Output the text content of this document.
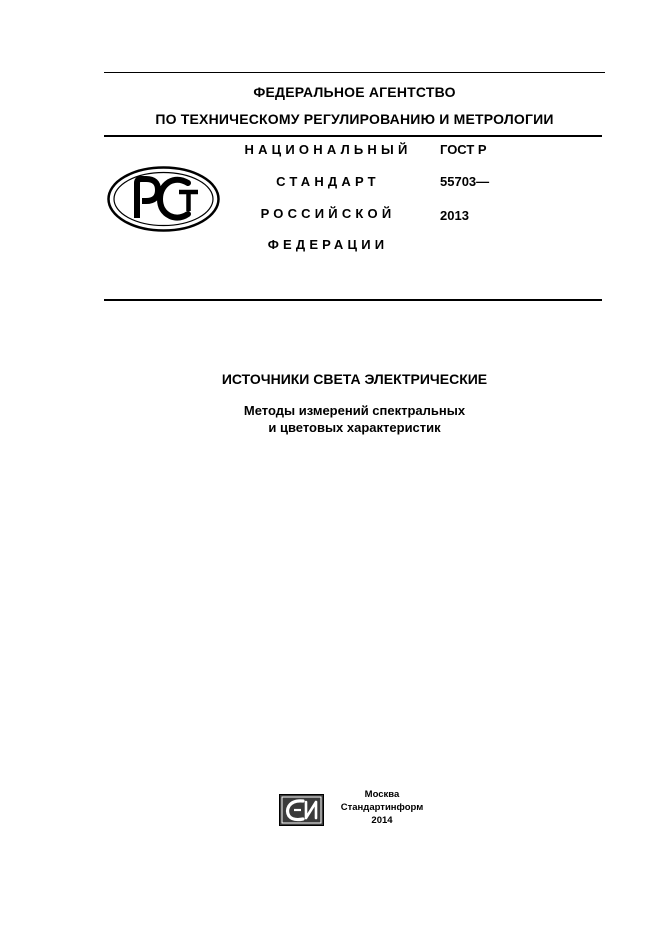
ФЕДЕРАЛЬНОЕ АГЕНТСТВО
ПО ТЕХНИЧЕСКОМУ РЕГУЛИРОВАНИЮ И МЕТРОЛОГИИ
НАЦИОНАЛЬНЫЙ
СТАНДАРТ
РОССИЙСКОЙ
ФЕДЕРАЦИИ
ГОСТ Р
55703—
2013
ИСТОЧНИКИ СВЕТА ЭЛЕКТРИЧЕСКИЕ
Методы измерений спектральных
и цветовых характеристик
Москва
Стандартинформ
2014
